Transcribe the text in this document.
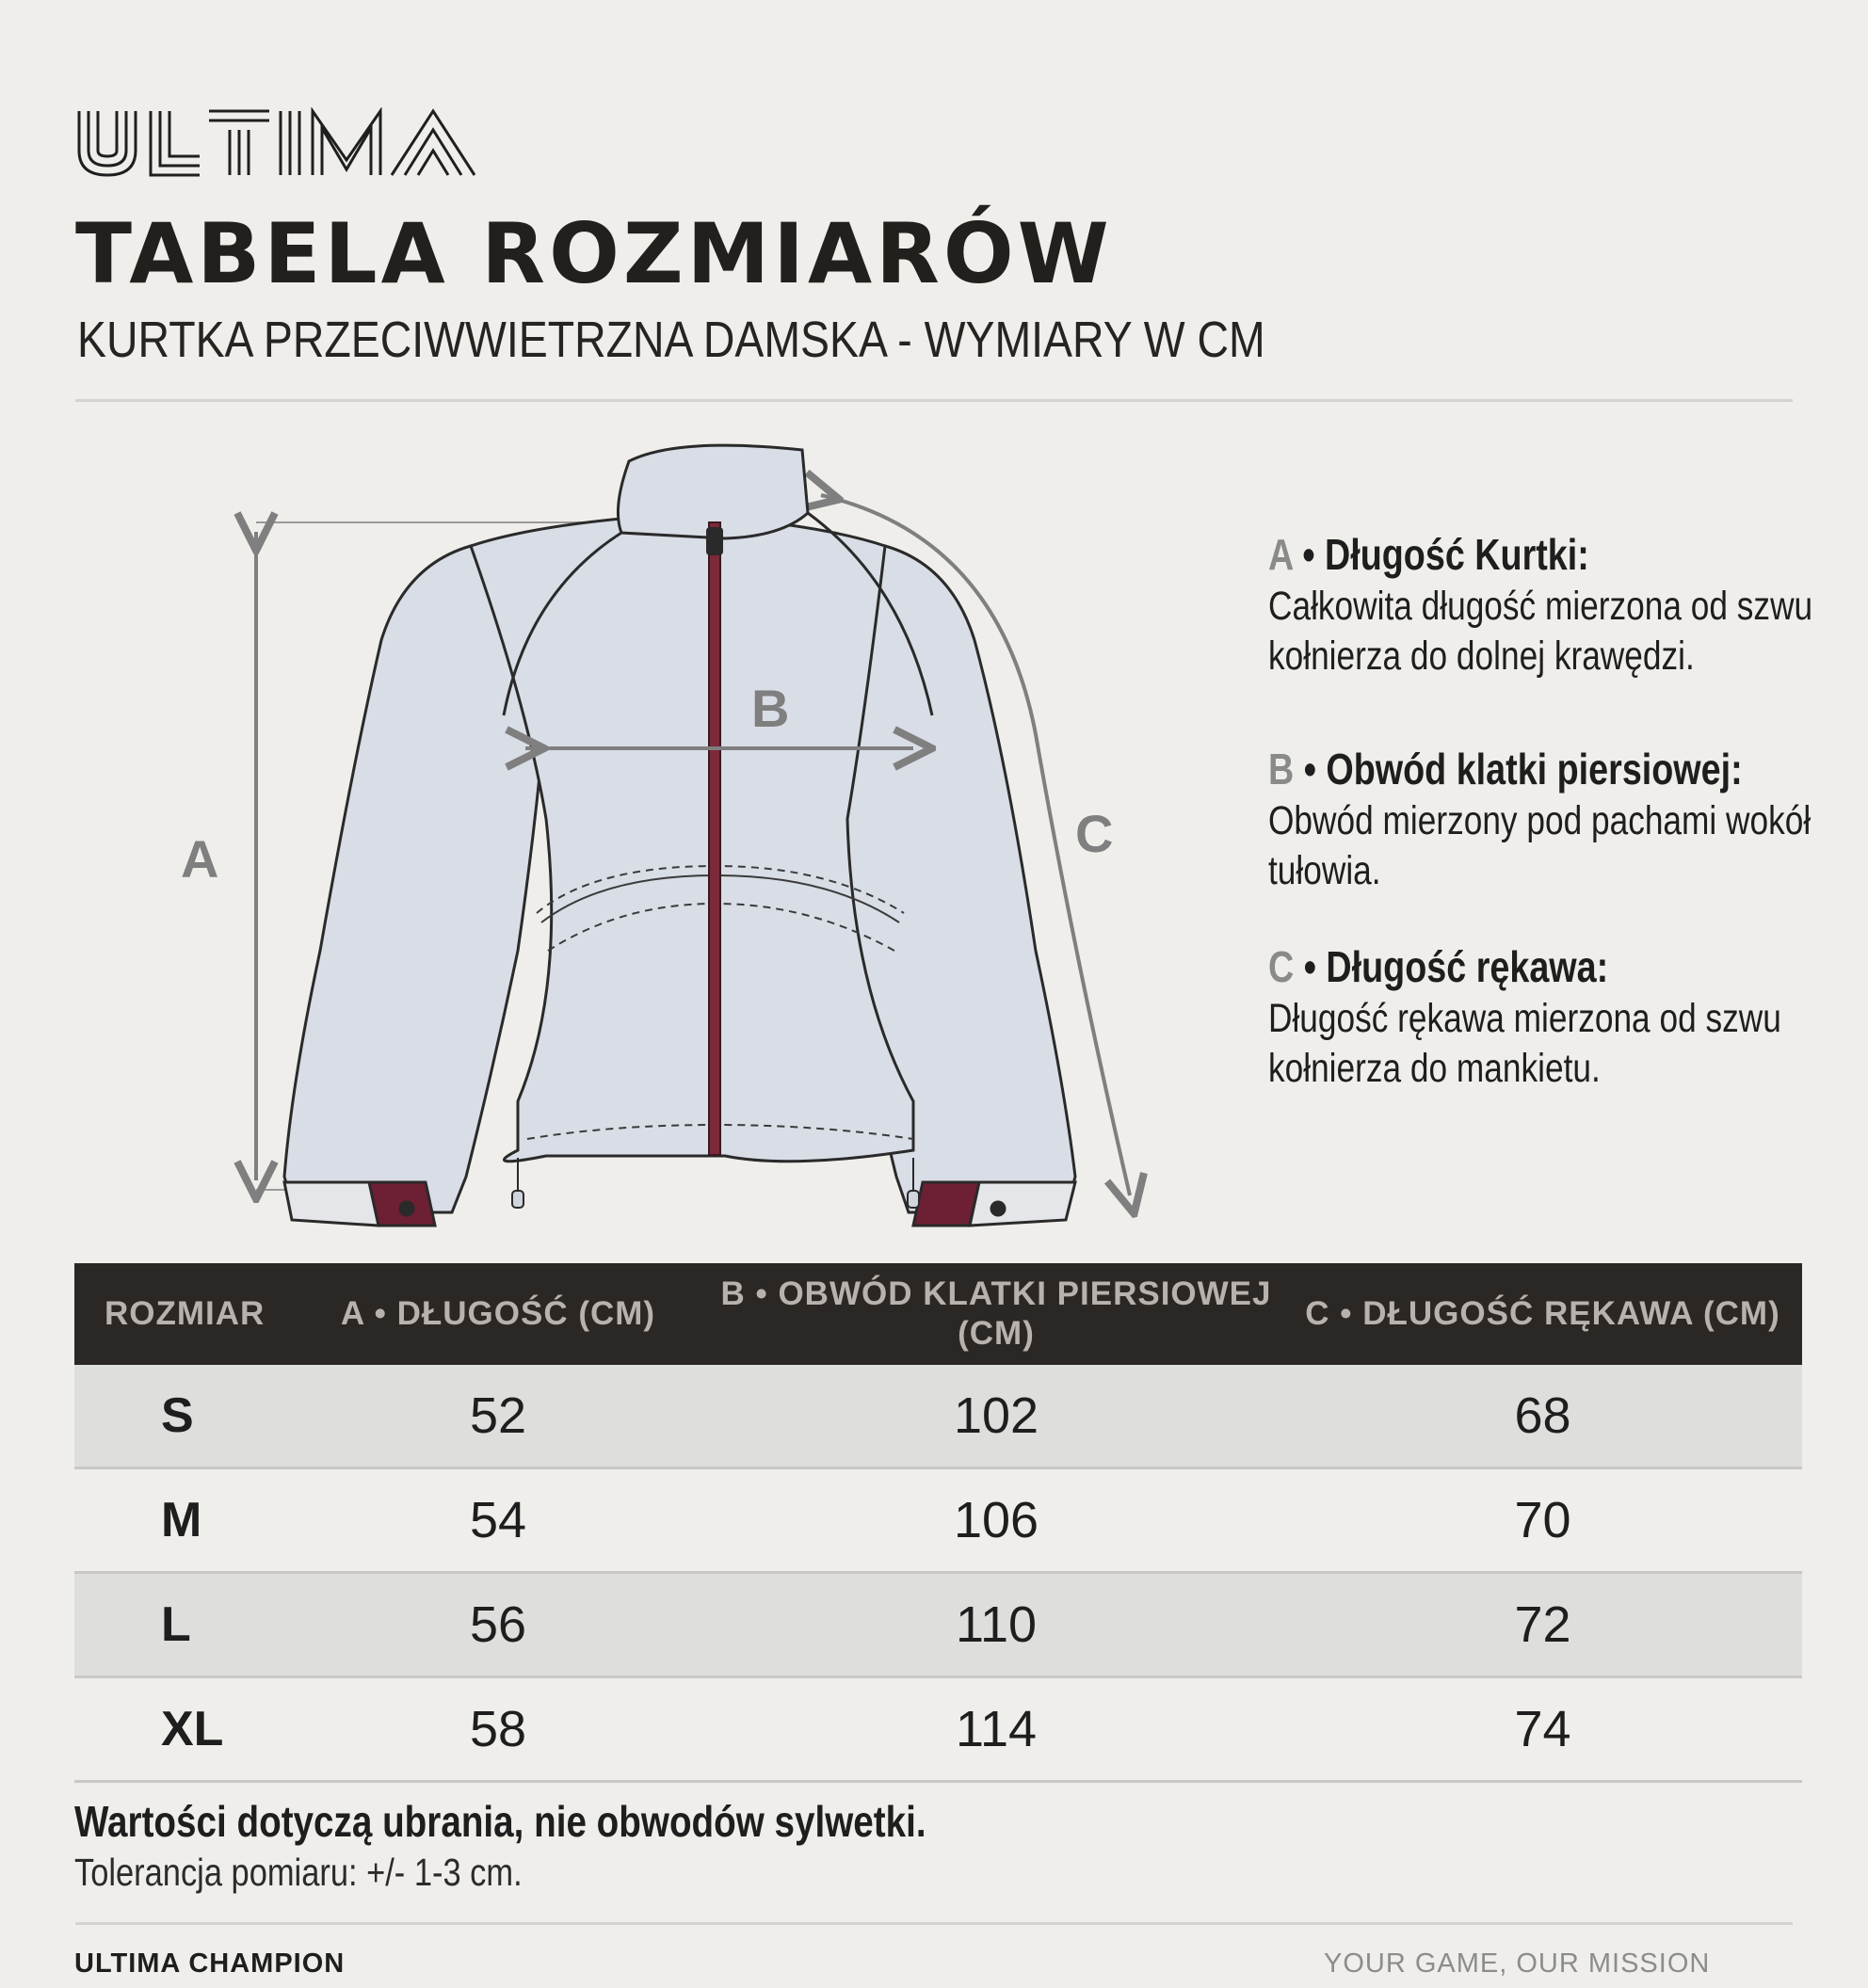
TABELA ROZMIARÓW
KURTKA PRZECIWWIETRZNA DAMSKA - WYMIARY W CM
A
B
C
A • Długość Kurtki:
Całkowita długość mierzona od szwu kołnierza do dolnej krawędzi.
B • Obwód klatki piersiowej:
Obwód mierzony pod pachami wokół tułowia.
C • Długość rękawa:
Długość rękawa mierzona od szwu kołnierza do mankietu.
ROZMIAR	A • DŁUGOŚĆ (CM)	B • OBWÓD KLATKI PIERSIOWEJ (CM)	C • DŁUGOŚĆ RĘKAWA (CM)
S	52	102	68
M	54	106	70
L	56	110	72
XL	58	114	74
Wartości dotyczą ubrania, nie obwodów sylwetki.
Tolerancja pomiaru: +/- 1-3 cm.
ULTIMA CHAMPION	YOUR GAME, OUR MISSION
